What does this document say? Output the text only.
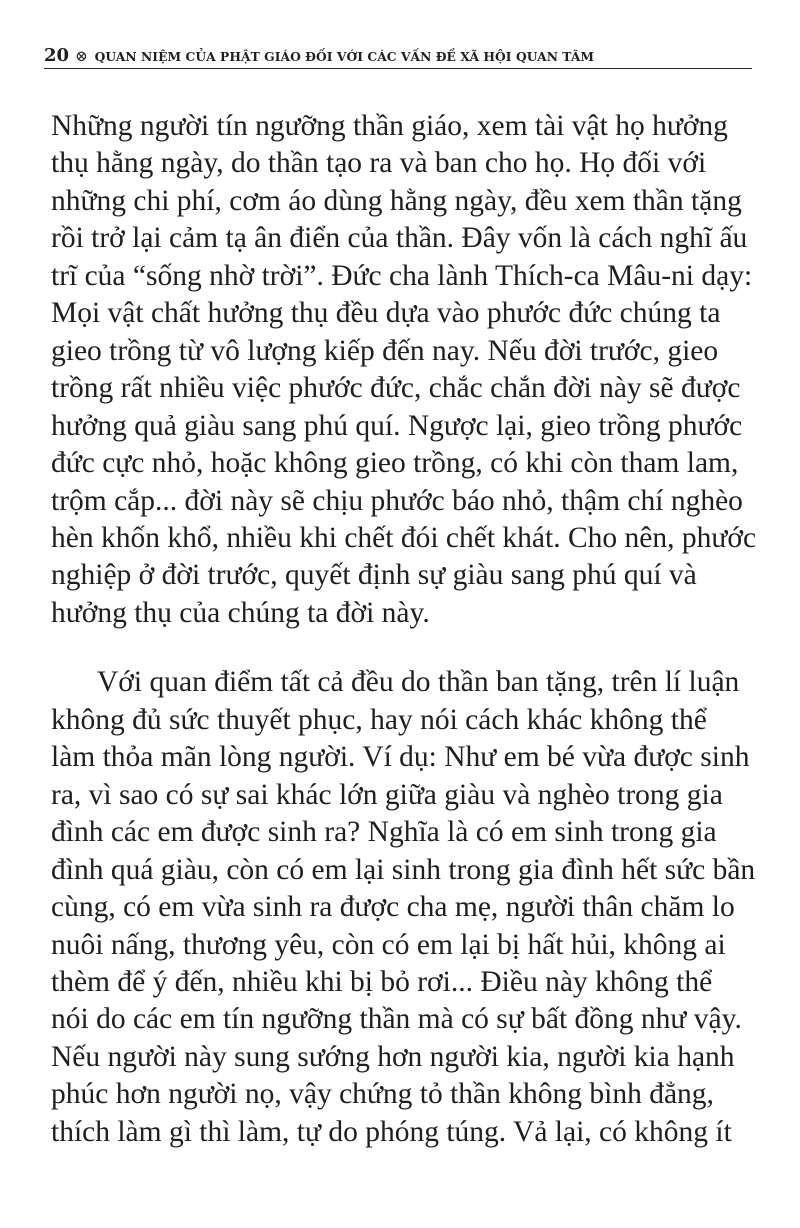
20 ⊗ QUAN NIỆM CỦA PHẬT GIÁO ĐỐI VỚI CÁC VẤN ĐỀ XÃ HỘI QUAN TÂM

Những người tín ngưỡng thần giáo, xem tài vật họ hưởng
thụ hằng ngày, do thần tạo ra và ban cho họ. Họ đối với
những chi phí, cơm áo dùng hằng ngày, đều xem thần tặng
rồi trở lại cảm tạ ân điển của thần. Đây vốn là cách nghĩ ấu
trĩ của “sống nhờ trời”. Đức cha lành Thích-ca Mâu-ni dạy:
Mọi vật chất hưởng thụ đều dựa vào phước đức chúng ta
gieo trồng từ vô lượng kiếp đến nay. Nếu đời trước, gieo
trồng rất nhiều việc phước đức, chắc chắn đời này sẽ được
hưởng quả giàu sang phú quí. Ngược lại, gieo trồng phước
đức cực nhỏ, hoặc không gieo trồng, có khi còn tham lam,
trộm cắp... đời này sẽ chịu phước báo nhỏ, thậm chí nghèo
hèn khốn khổ, nhiều khi chết đói chết khát. Cho nên, phước
nghiệp ở đời trước, quyết định sự giàu sang phú quí và
hưởng thụ của chúng ta đời này.

Với quan điểm tất cả đều do thần ban tặng, trên lí luận
không đủ sức thuyết phục, hay nói cách khác không thể
làm thỏa mãn lòng người. Ví dụ: Như em bé vừa được sinh
ra, vì sao có sự sai khác lớn giữa giàu và nghèo trong gia
đình các em được sinh ra? Nghĩa là có em sinh trong gia
đình quá giàu, còn có em lại sinh trong gia đình hết sức bần
cùng, có em vừa sinh ra được cha mẹ, người thân chăm lo
nuôi nấng, thương yêu, còn có em lại bị hất hủi, không ai
thèm để ý đến, nhiều khi bị bỏ rơi... Điều này không thể
nói do các em tín ngưỡng thần mà có sự bất đồng như vậy.
Nếu người này sung sướng hơn người kia, người kia hạnh
phúc hơn người nọ, vậy chứng tỏ thần không bình đẳng,
thích làm gì thì làm, tự do phóng túng. Vả lại, có không ít
